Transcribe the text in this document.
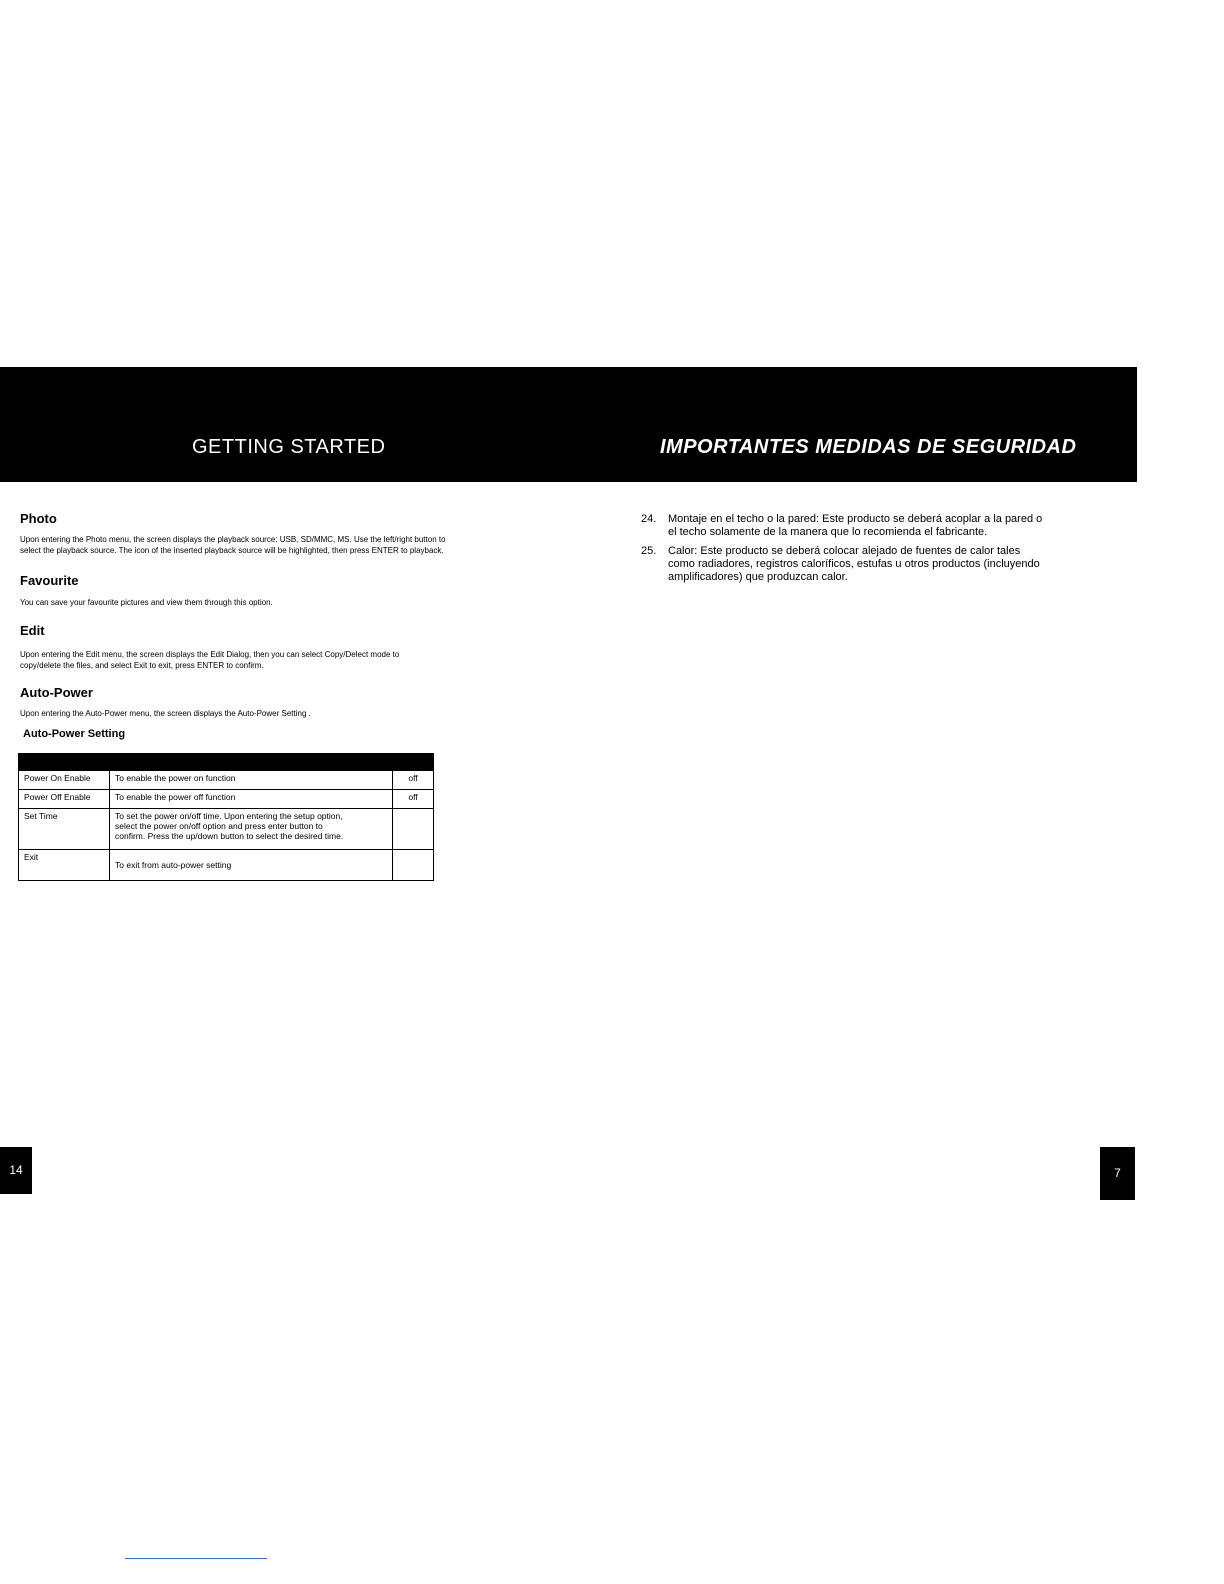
GETTING STARTED	IMPORTANTES MEDIDAS DE SEGURIDAD
Photo
Upon entering the Photo menu, the screen displays the playback source: USB, SD/MMC, MS. Use the left/right button to
select the playback source. The icon of the inserted playback source will be highlighted, then press ENTER to playback.
Favourite
You can save your favourite pictures and view them through this option.
Edit
Upon entering the Edit menu, the screen displays the Edit Dialog, then you can select Copy/Delect mode to
copy/delete the files, and select Exit to exit, press ENTER to confirm.
Auto-Power
Upon entering the Auto-Power menu, the screen displays the Auto-Power Setting .
Auto-Power Setting

Power On Enable	To enable the power on function	off
Power Off Enable	To enable the power off function	off
Set Time	To set the power on/off time. Upon entering the setup option,
select the power on/off option and press enter button to
confirm. Press the up/down button to select the desired time.	

Exit	To exit from auto-power setting	
24.	Montaje en el techo o la pared: Este producto se deberá acoplar a la pared o
el techo solamente de la manera que lo recomienda el fabricante.
25.	Calor: Este producto se deberá colocar alejado de fuentes de calor tales
como radiadores, registros caloríficos, estufas u otros productos (incluyendo
amplificadores) que produzcan calor.
14	7
